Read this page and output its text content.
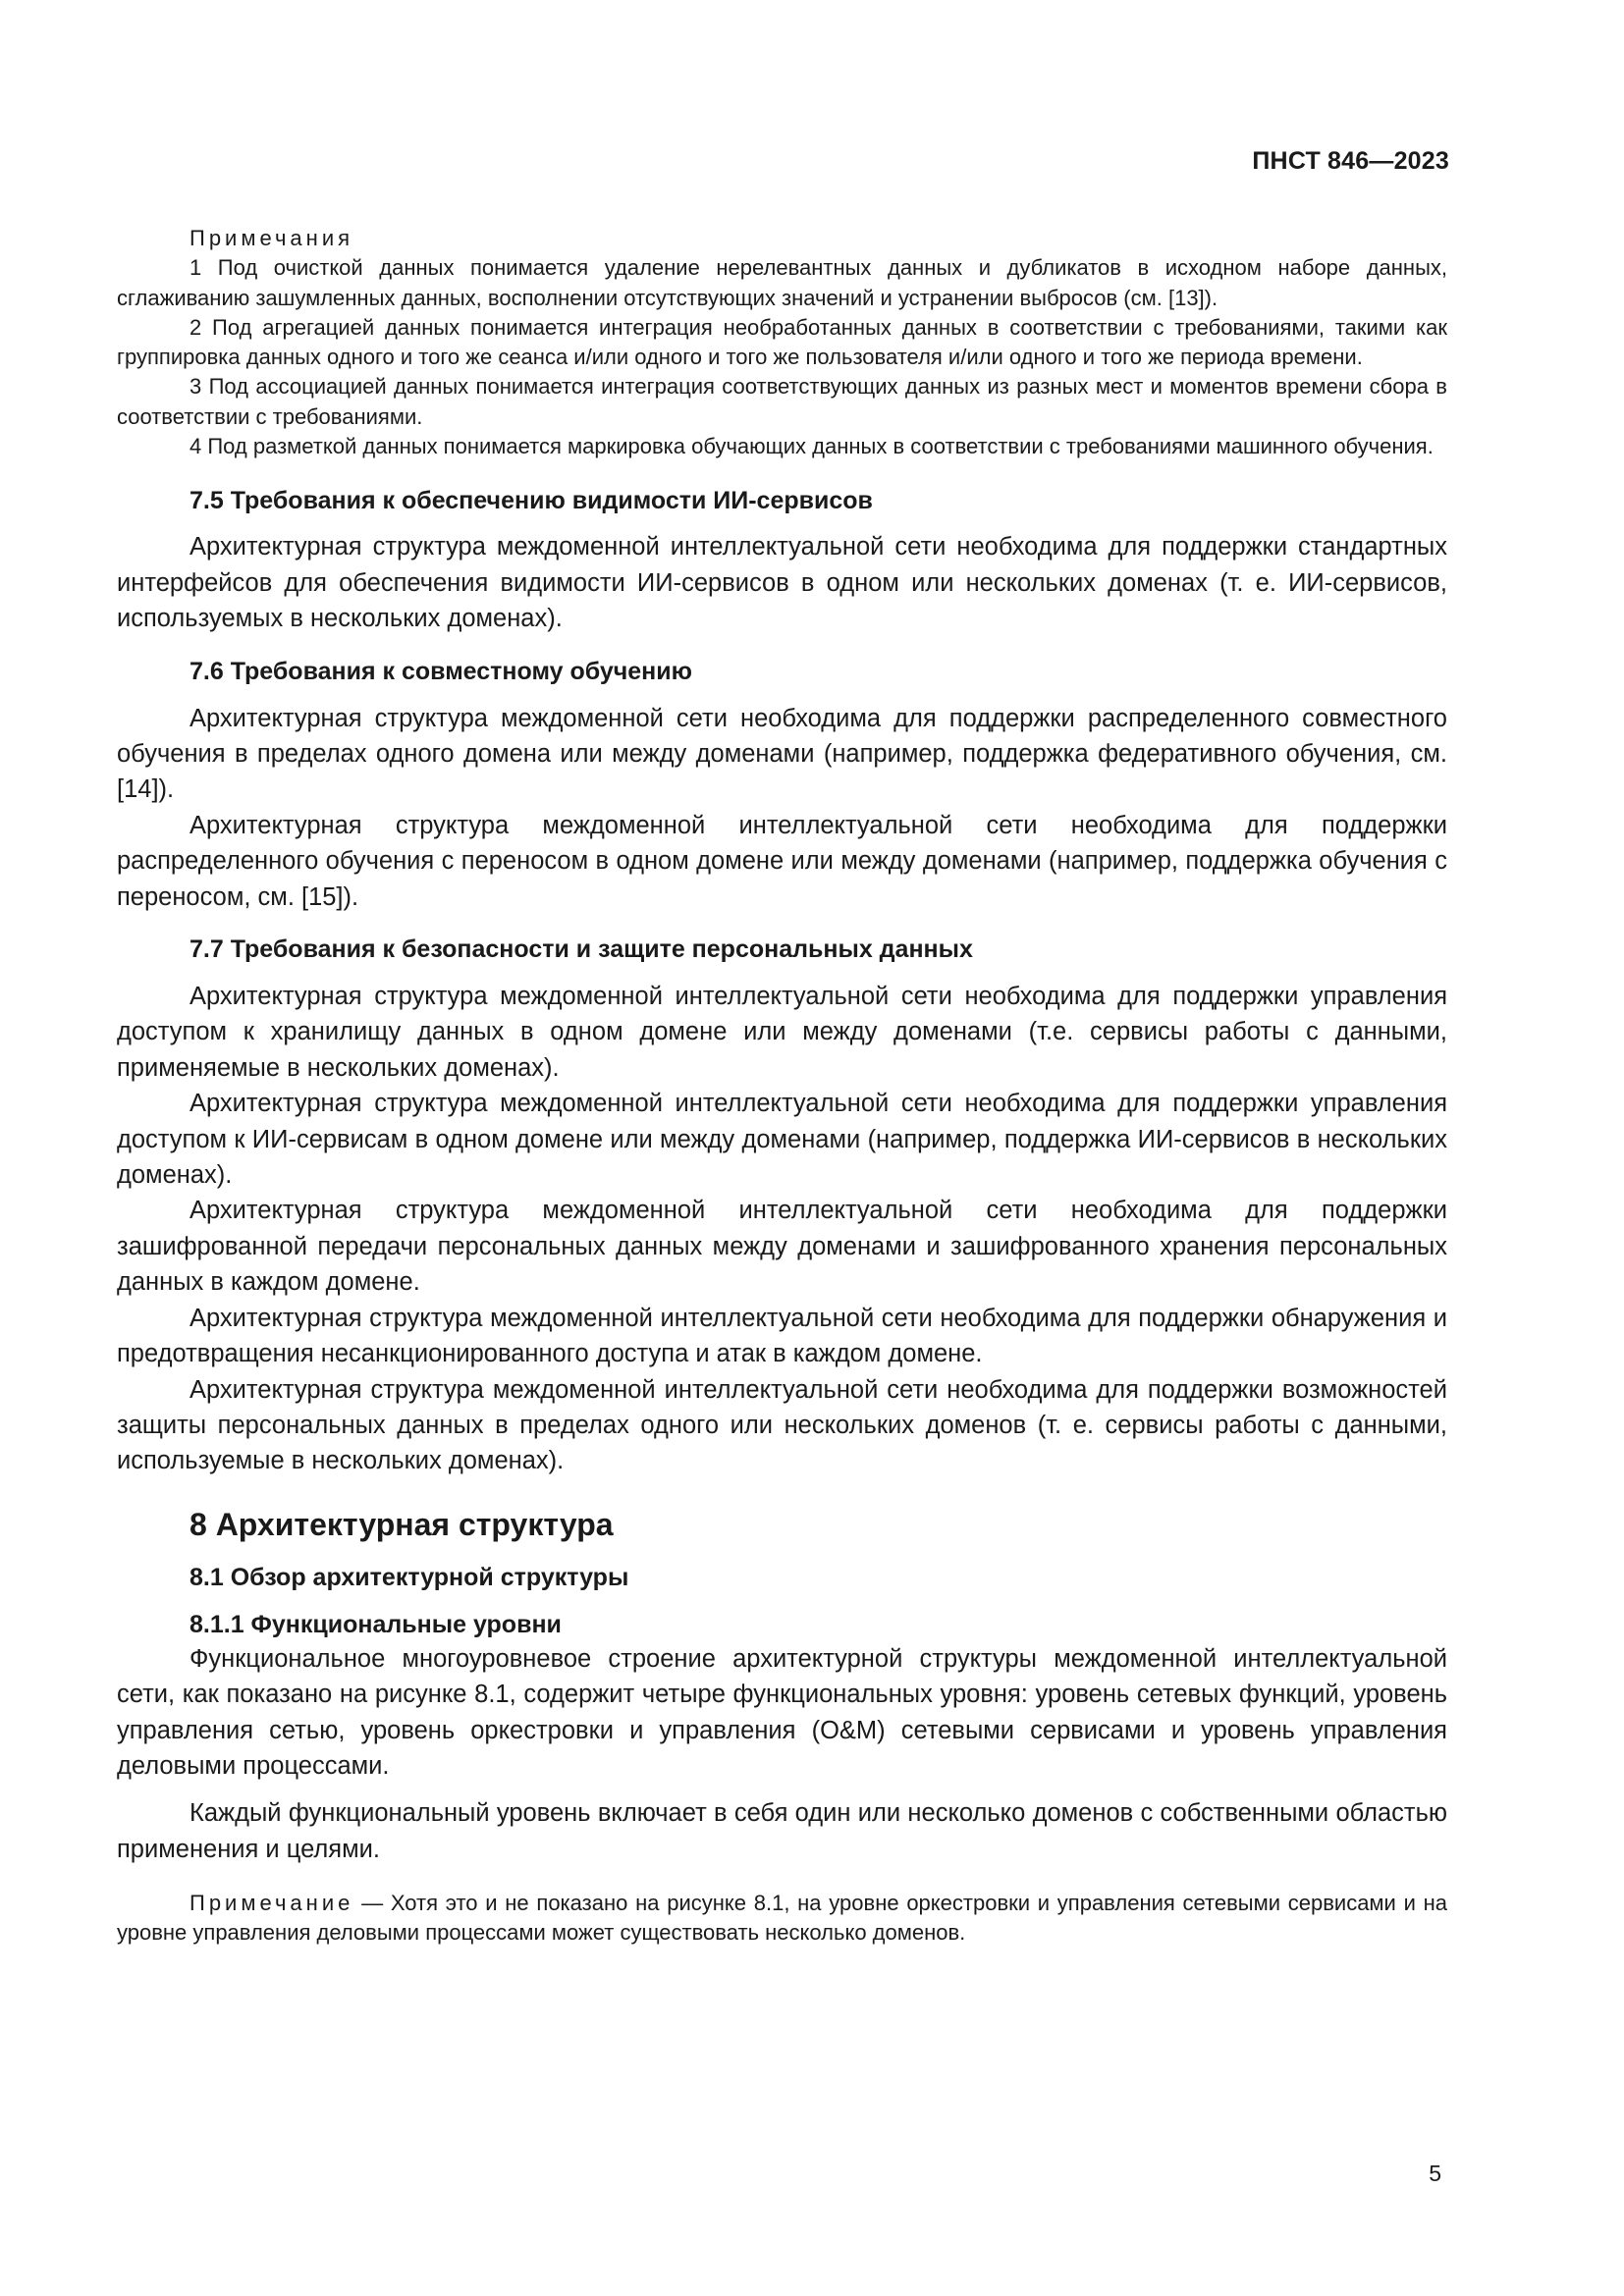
ПНСТ 846—2023

Примечания

1 Под очисткой данных понимается удаление нерелевантных данных и дубликатов в исходном наборе данных, сглаживанию зашумленных данных, восполнении отсутствующих значений и устранении выбросов (см. [13]).

2 Под агрегацией данных понимается интеграция необработанных данных в соответствии с требованиями, такими как группировка данных одного и того же сеанса и/или одного и того же пользователя и/или одного и того же периода времени.

3 Под ассоциацией данных понимается интеграция соответствующих данных из разных мест и моментов времени сбора в соответствии с требованиями.

4 Под разметкой данных понимается маркировка обучающих данных в соответствии с требованиями машинного обучения.

7.5 Требования к обеспечению видимости ИИ-сервисов

Архитектурная структура междоменной интеллектуальной сети необходима для поддержки стандартных интерфейсов для обеспечения видимости ИИ-сервисов в одном или нескольких доменах (т. е. ИИ-сервисов, используемых в нескольких доменах).

7.6 Требования к совместному обучению

Архитектурная структура междоменной сети необходима для поддержки распределенного совместного обучения в пределах одного домена или между доменами (например, поддержка федеративного обучения, см. [14]).

Архитектурная структура междоменной интеллектуальной сети необходима для поддержки распределенного обучения с переносом в одном домене или между доменами (например, поддержка обучения с переносом, см. [15]).

7.7 Требования к безопасности и защите персональных данных

Архитектурная структура междоменной интеллектуальной сети необходима для поддержки управления доступом к хранилищу данных в одном домене или между доменами (т.е. сервисы работы с данными, применяемые в нескольких доменах).

Архитектурная структура междоменной интеллектуальной сети необходима для поддержки управления доступом к ИИ-сервисам в одном домене или между доменами (например, поддержка ИИ-сервисов в нескольких доменах).

Архитектурная структура междоменной интеллектуальной сети необходима для поддержки зашифрованной передачи персональных данных между доменами и зашифрованного хранения персональных данных в каждом домене.

Архитектурная структура междоменной интеллектуальной сети необходима для поддержки обнаружения и предотвращения несанкционированного доступа и атак в каждом домене.

Архитектурная структура междоменной интеллектуальной сети необходима для поддержки возможностей защиты персональных данных в пределах одного или нескольких доменов (т. е. сервисы работы с данными, используемые в нескольких доменах).

8 Архитектурная структура
8.1 Обзор архитектурной структуры
8.1.1 Функциональные уровни

Функциональное многоуровневое строение архитектурной структуры междоменной интеллектуальной сети, как показано на рисунке 8.1, содержит четыре функциональных уровня: уровень сетевых функций, уровень управления сетью, уровень оркестровки и управления (O&M) сетевыми сервисами и уровень управления деловыми процессами.

Каждый функциональный уровень включает в себя один или несколько доменов с собственными областью применения и целями.

Примечание — Хотя это и не показано на рисунке 8.1, на уровне оркестровки и управления сетевыми сервисами и на уровне управления деловыми процессами может существовать несколько доменов.

5
